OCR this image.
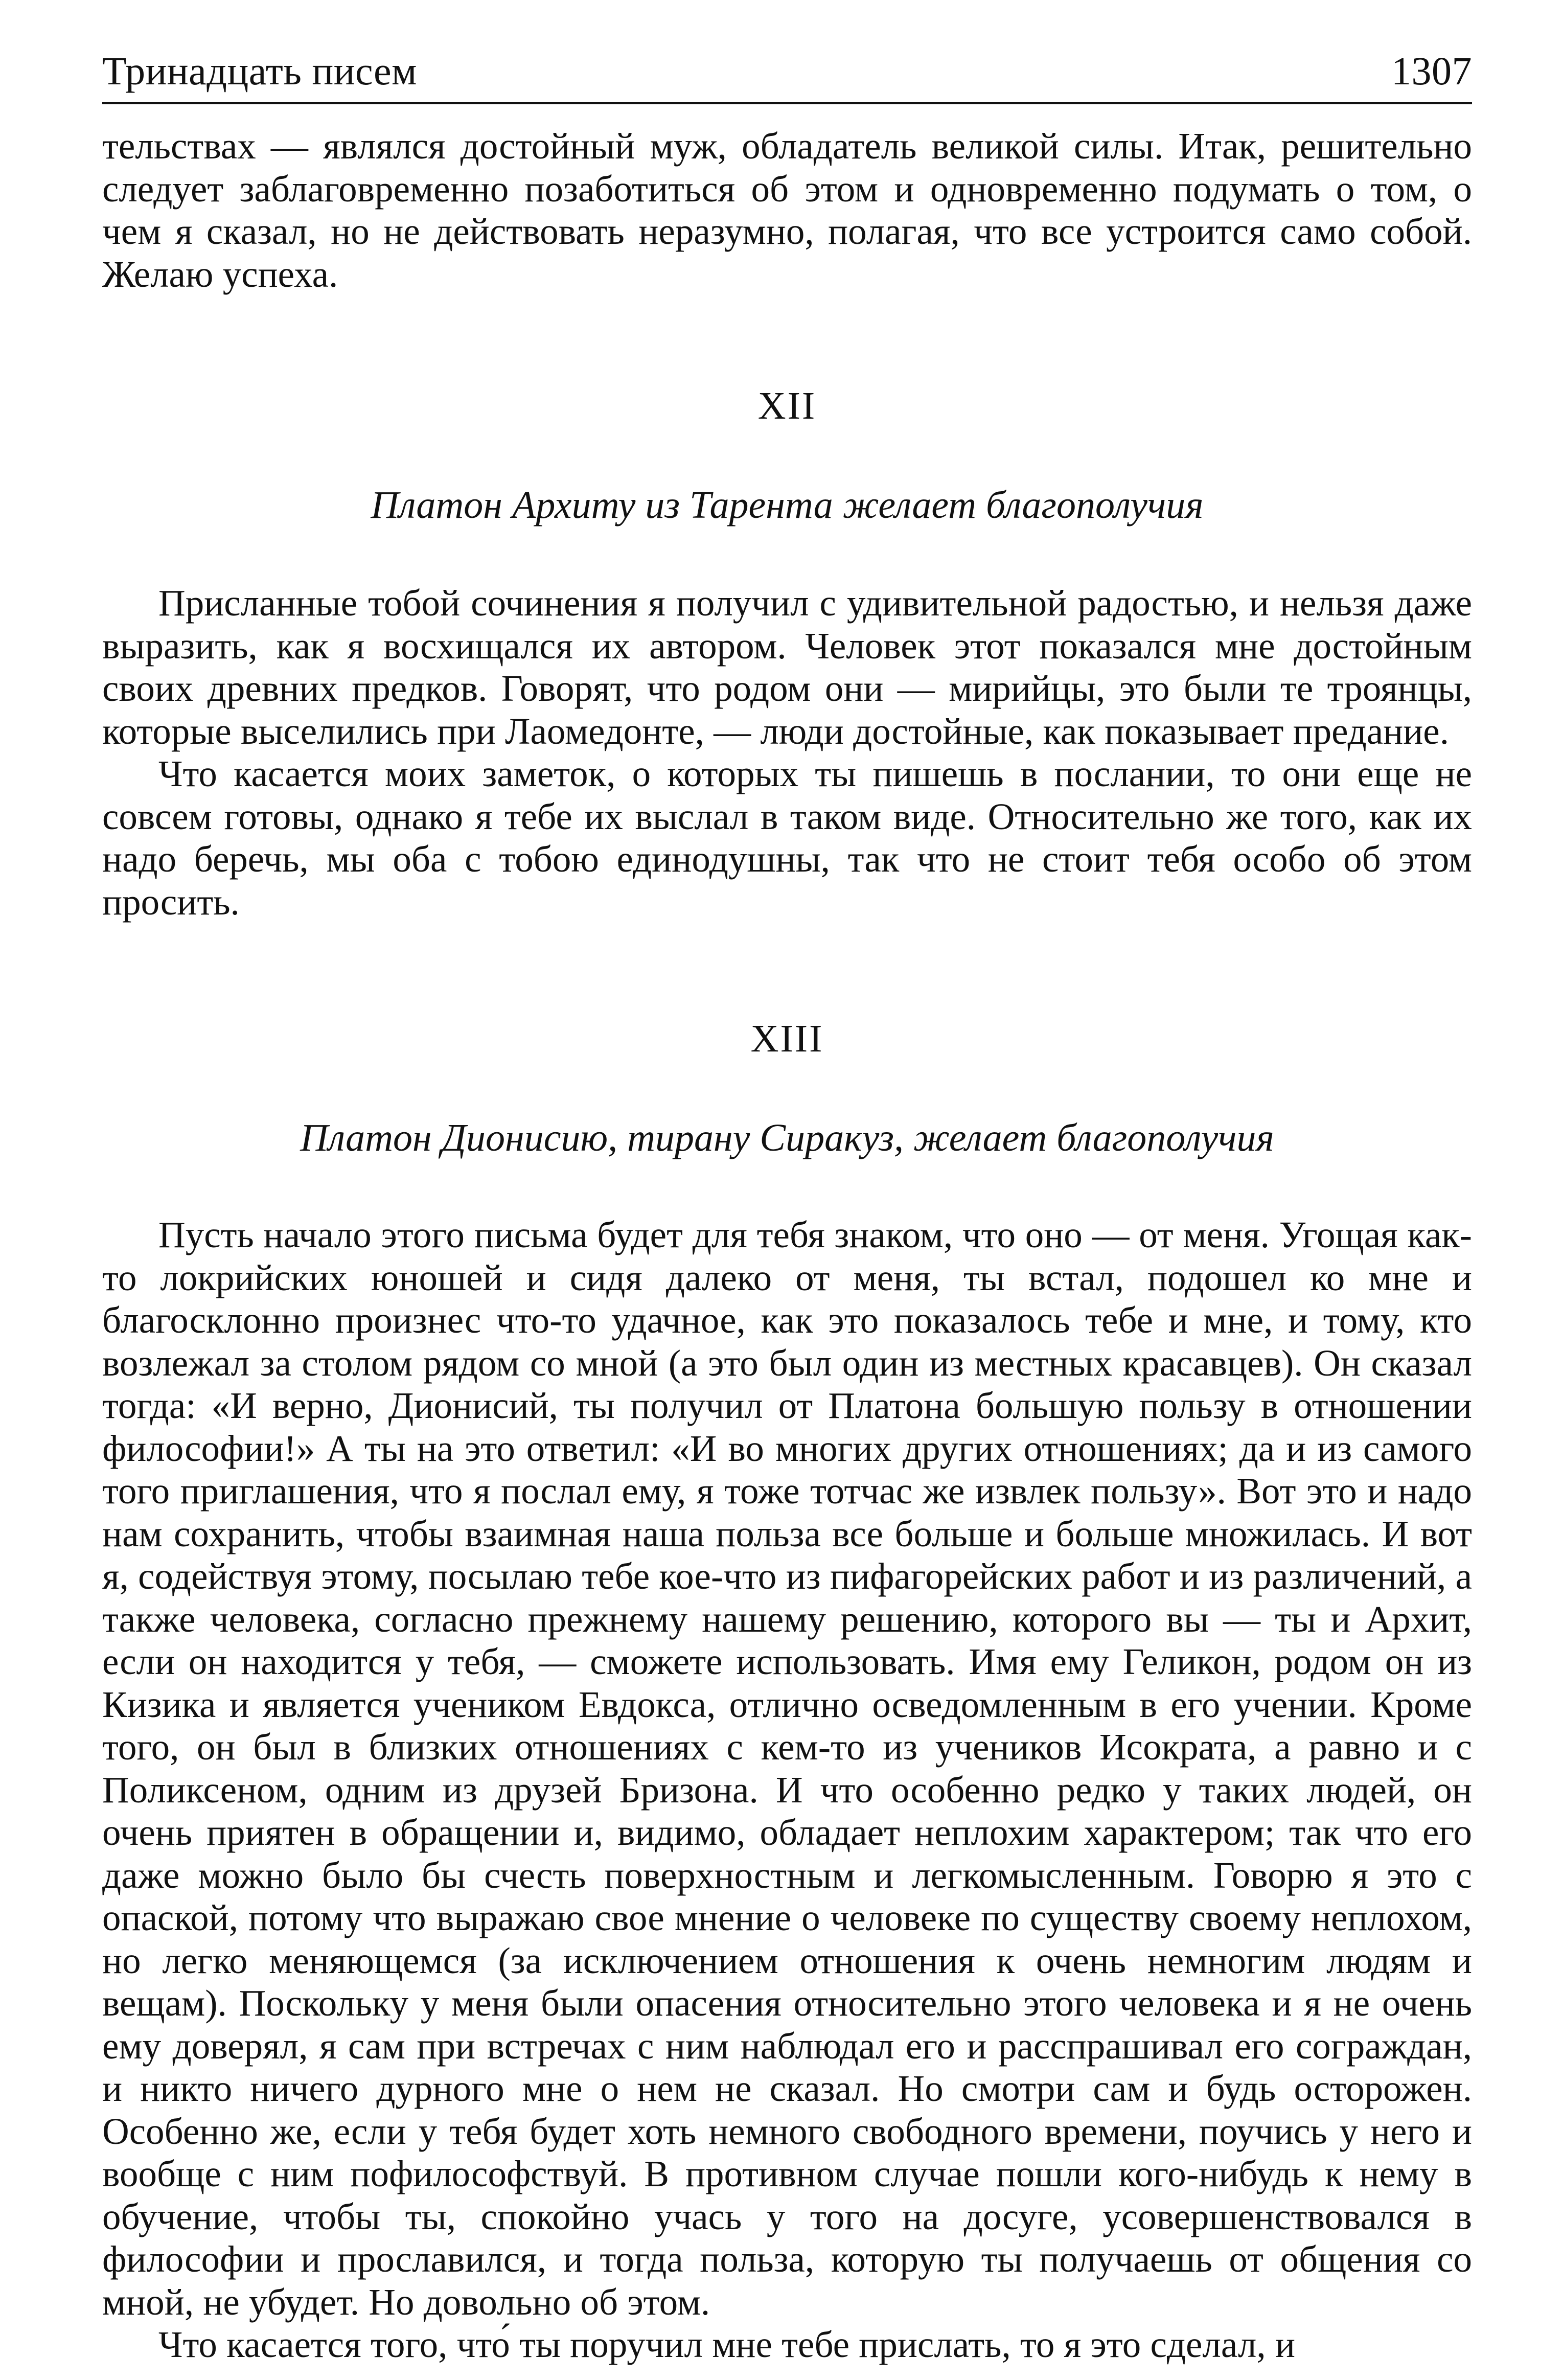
Тринадцать писем	1307

тельствах — являлся достойный муж, обладатель великой силы. Итак, решительно следует заблаговременно позаботиться об этом и одновременно подумать о том, о чем я сказал, но не действовать неразумно, полагая, что все устроится само собой. Желаю успеха.

XII
Платон Архиту из Тарента желает благополучия

Присланные тобой сочинения я получил с удивительной радостью, и нельзя даже выразить, как я восхищался их автором. Человек этот показался мне достойным своих древних предков. Говорят, что родом они — мирийцы, это были те троянцы, которые выселились при Лаомедонте, — люди достойные, как показывает предание.

Что касается моих заметок, о которых ты пишешь в послании, то они еще не совсем готовы, однако я тебе их выслал в таком виде. Относительно же того, как их надо беречь, мы оба с тобою единодушны, так что не стоит тебя особо об этом просить.

XIII
Платон Дионисию, тирану Сиракуз, желает благополучия

Пусть начало этого письма будет для тебя знаком, что оно — от меня. Угощая как-то локрийских юношей и сидя далеко от меня, ты встал, подошел ко мне и благосклонно произнес что-то удачное, как это показалось тебе и мне, и тому, кто возлежал за столом рядом со мной (а это был один из местных красавцев). Он сказал тогда: «И верно, Дионисий, ты получил от Платона большую пользу в отношении философии!» А ты на это ответил: «И во многих других отношениях; да и из самого того приглашения, что я послал ему, я тоже тотчас же извлек пользу». Вот это и надо нам сохранить, чтобы взаимная наша польза все больше и больше множилась. И вот я, содействуя этому, посылаю тебе кое-что из пифагорейских работ и из различений, а также человека, согласно прежнему нашему решению, которого вы — ты и Архит, если он находится у тебя, — сможете использовать. Имя ему Геликон, родом он из Кизика и является учеником Евдокса, отлично осведомленным в его учении. Кроме того, он был в близких отношениях с кем-то из учеников Исократа, а равно и с Поликсеном, одним из друзей Бризона. И что особенно редко у таких людей, он очень приятен в обращении и, видимо, обладает неплохим характером; так что его даже можно было бы счесть поверхностным и легкомысленным. Говорю я это с опаской, потому что выражаю свое мнение о человеке по существу своему неплохом, но легко меняющемся (за исключением отношения к очень немногим людям и вещам). Поскольку у меня были опасения относительно этого человека и я не очень ему доверял, я сам при встречах с ним наблюдал его и расспрашивал его сограждан, и никто ничего дурного мне о нем не сказал. Но смотри сам и будь осторожен. Особенно же, если у тебя будет хоть немного свободного времени, поучись у него и вообще с ним пофилософствуй. В противном случае пошли кого-нибудь к нему в обучение, чтобы ты, спокойно учась у того на досуге, усовершенствовался в философии и прославился, и тогда польза, которую ты получаешь от общения со мной, не убудет. Но довольно об этом.

Что касается того, что́ ты поручил мне тебе прислать, то я это сделал, и
